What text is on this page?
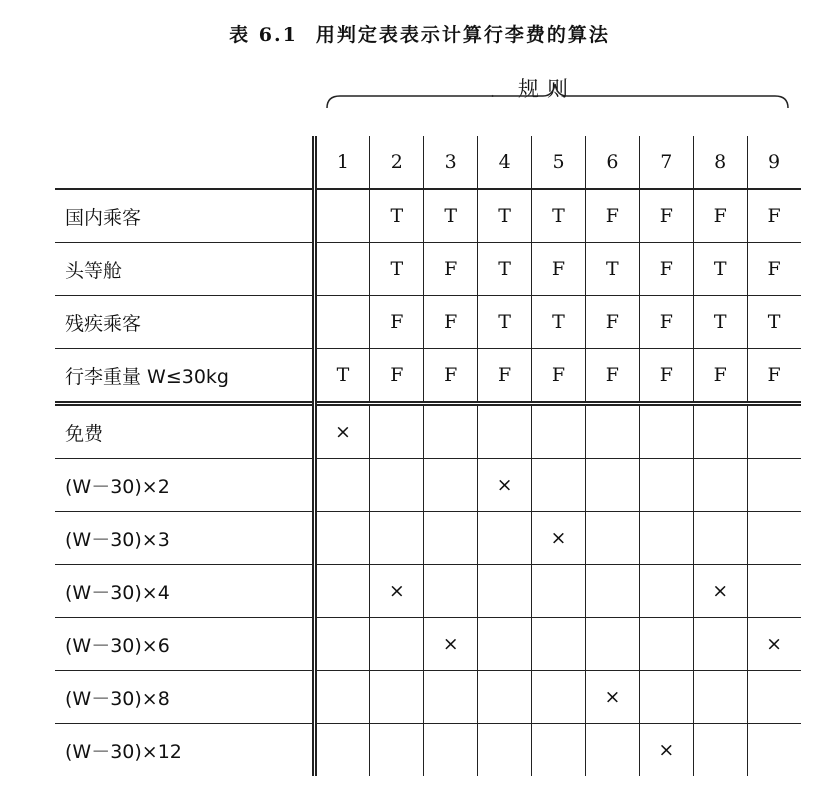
表 6.1 用判定表表示计算行李费的算法
. 规则
	1	2	3	4	5	6	7	8	9
国内乘客		T	T	T	T	F	F	F	F
头等舱		T	F	T	F	T	F	T	F
残疾乘客		F	F	T	T	F	F	T	T
行李重量 W≤30kg	T	F	F	F	F	F	F	F	F
免费	×								
(W－30)×2				×					
(W－30)×3					×				
(W－30)×4		×						×	
(W－30)×6			×						×
(W－30)×8						×			
(W－30)×12							×		
